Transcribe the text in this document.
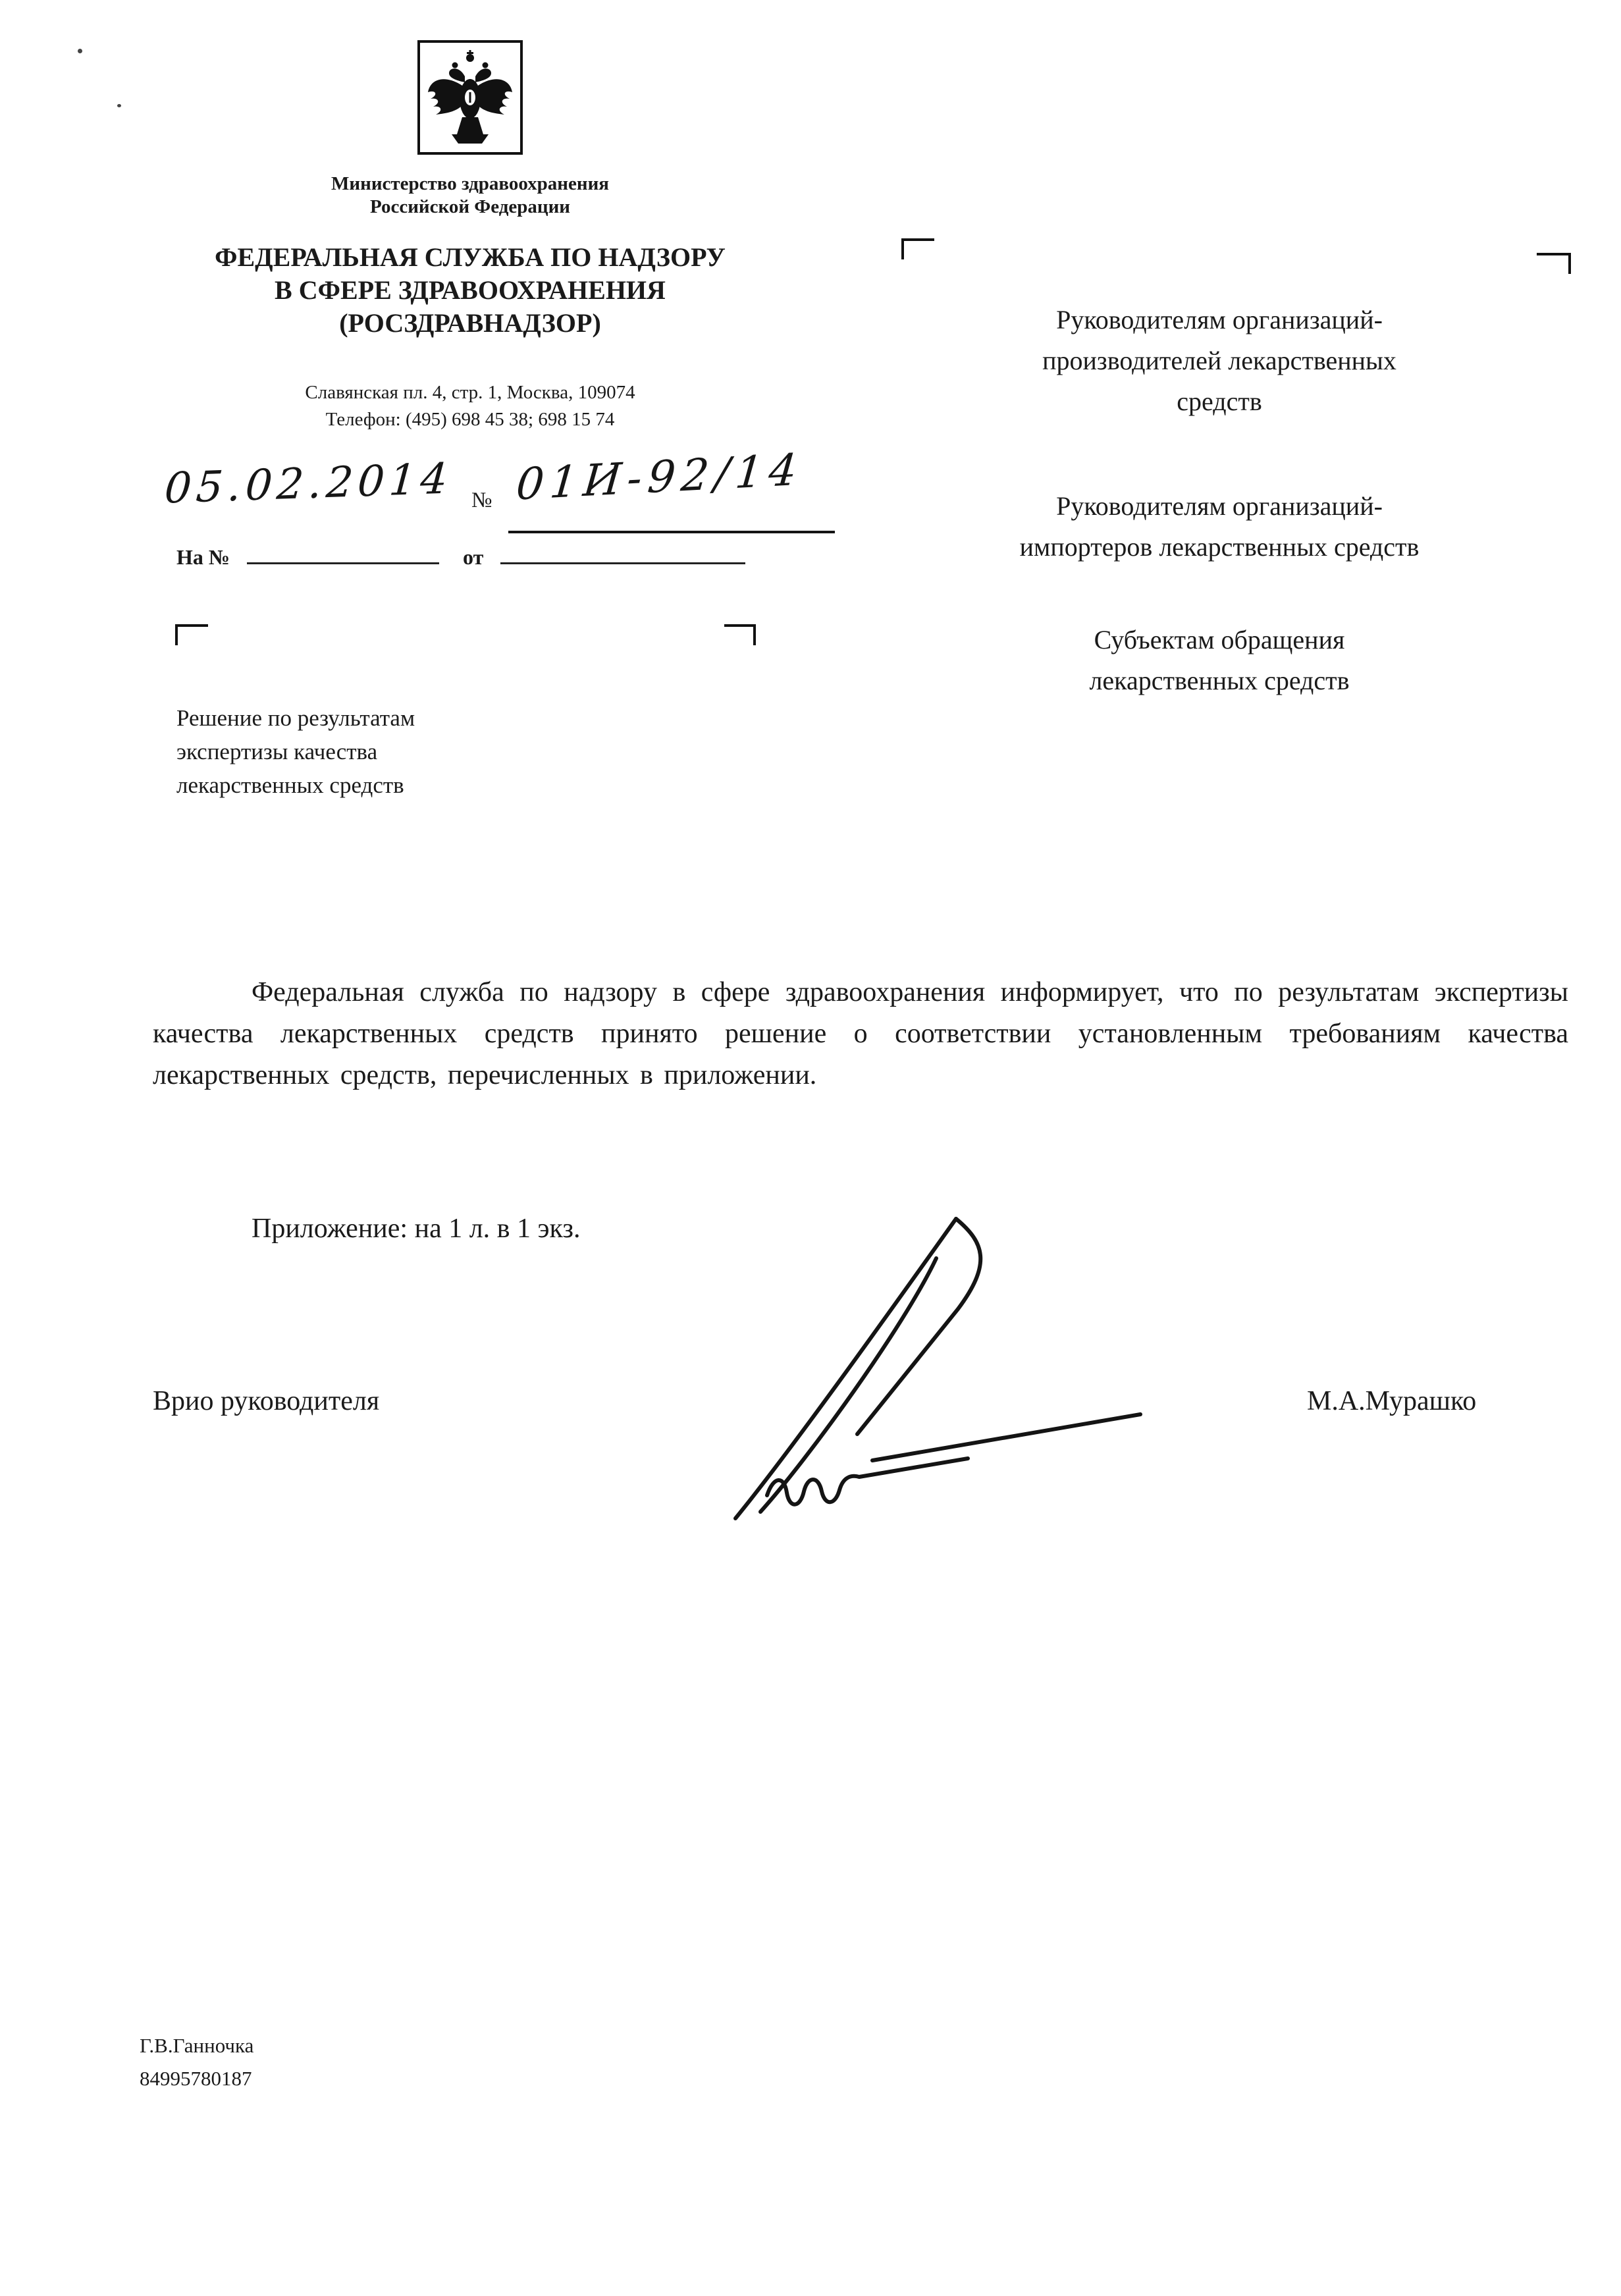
Министерство здравоохранения
Российской Федерации
ФЕДЕРАЛЬНАЯ СЛУЖБА ПО НАДЗОРУ
В СФЕРЕ ЗДРАВООХРАНЕНИЯ
(РОСЗДРАВНАДЗОР)
Славянская пл. 4, стр. 1, Москва, 109074
Телефон: (495) 698 45 38; 698 15 74
05.02.2014 № 01И-92/14
На №	от
Решение по результатам
экспертизы качества
лекарственных средств
Руководителям организаций-
производителей лекарственных
средств
Руководителям организаций-
импортеров лекарственных средств
Субъектам обращения
лекарственных средств
Федеральная служба по надзору в сфере здравоохранения информирует, что по результатам экспертизы качества лекарственных средств принято решение о соответствии установленным требованиям качества лекарственных средств, перечисленных в приложении.
Приложение: на 1 л. в 1 экз.
Врио руководителя	М.А.Мурашко
Г.В.Ганночка
84995780187
